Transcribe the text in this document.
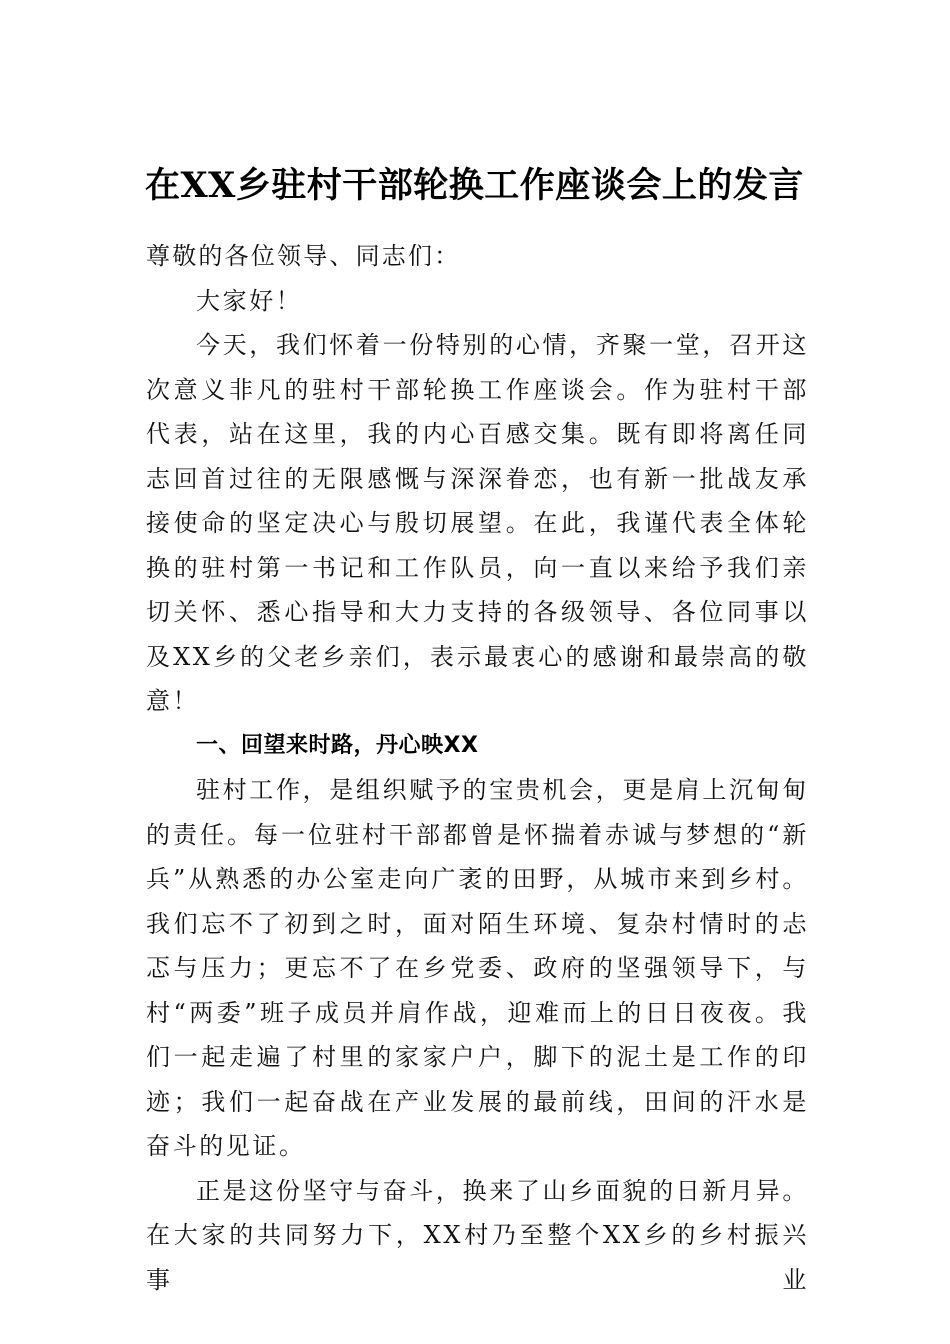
在XX乡驻村干部轮换工作座谈会上的发言

尊敬的各位领导、同志们：

大家好！

今天，我们怀着一份特别的心情，齐聚一堂，召开这次意义非凡的驻村干部轮换工作座谈会。作为驻村干部代表，站在这里，我的内心百感交集。既有即将离任同志回首过往的无限感慨与深深眷恋，也有新一批战友承接使命的坚定决心与殷切展望。在此，我谨代表全体轮换的驻村第一书记和工作队员，向一直以来给予我们亲切关怀、悉心指导和大力支持的各级领导、各位同事以及XX乡的父老乡亲们，表示最衷心的感谢和最崇高的敬意！

一、回望来时路，丹心映XX

驻村工作，是组织赋予的宝贵机会，更是肩上沉甸甸的责任。每一位驻村干部都曾是怀揣着赤诚与梦想的“新兵”从熟悉的办公室走向广袤的田野，从城市来到乡村。我们忘不了初到之时，面对陌生环境、复杂村情时的忐忑与压力；更忘不了在乡党委、政府的坚强领导下，与村“两委”班子成员并肩作战，迎难而上的日日夜夜。我们一起走遍了村里的家家户户，脚下的泥土是工作的印迹；我们一起奋战在产业发展的最前线，田间的汗水是奋斗的见证。

正是这份坚守与奋斗，换来了山乡面貌的日新月异。在大家的共同努力下，XX村乃至整个XX乡的乡村振兴事业
